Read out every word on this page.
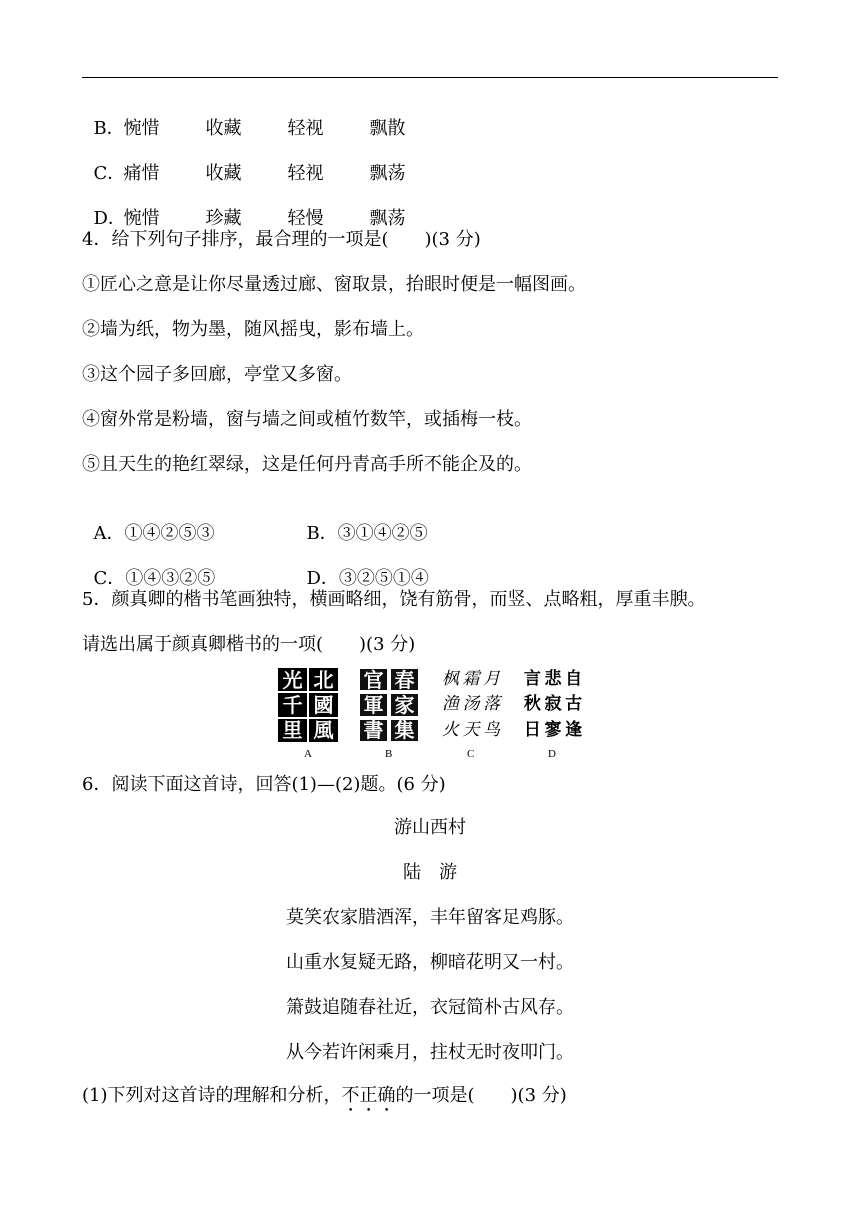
B．惋惜	收藏	轻视	飘散

C．痛惜	收藏	轻视	飘荡

D．惋惜	珍藏	轻慢	飘荡

4．给下列句子排序，最合理的一项是(　　)(3 分)
①匠心之意是让你尽量透过廊、窗取景，抬眼时便是一幅图画。
②墙为纸，物为墨，随风摇曳，影布墙上。
③这个园子多回廊，亭堂又多窗。
④窗外常是粉墙，窗与墙之间或植竹数竿，或插梅一枝。
⑤且天生的艳红翠绿，这是任何丹青高手所不能企及的。

A．①④②⑤③	B．③①④②⑤

C．①④③②⑤	D．③②⑤①④

5．颜真卿的楷书笔画独特，横画略细，饶有筋骨，而竖、点略粗，厚重丰腴。
请选出属于颜真卿楷书的一项(　　)(3 分)
光 北
千 國
里 風
官 春
軍 家
書 集
枫 霜 月
渔 汤 落
火 天 鸟
言 悲 自
秋 寂 古
日 寥 逢
A	B	C	D
6．阅读下面这首诗，回答(1)—(2)题。(6 分)
游山西村
陆　游
莫笑农家腊酒浑，丰年留客足鸡豚。
山重水复疑无路，柳暗花明又一村。
箫鼓追随春社近，衣冠简朴古风存。
从今若许闲乘月，拄杖无时夜叩门。
(1)下列对这首诗的理解和分析，不正确的一项是(　　)(3 分)
